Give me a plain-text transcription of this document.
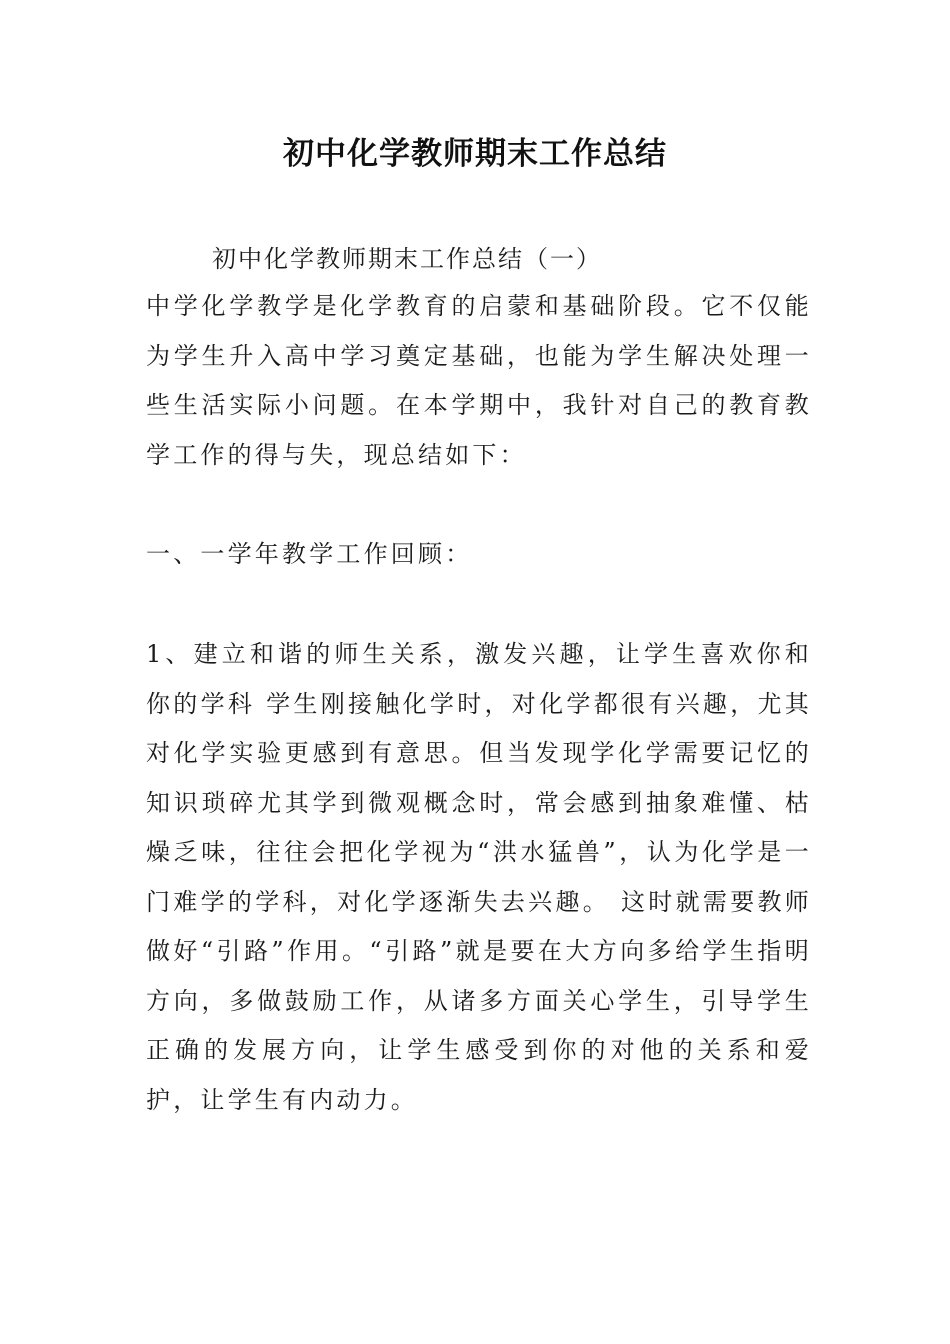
初中化学教师期末工作总结
初中化学教师期末工作总结（一）
中学化学教学是化学教育的启蒙和基础阶段。它不仅能为学生升入高中学习奠定基础，也能为学生解决处理一些生活实际小问题。在本学期中，我针对自己的教育教学工作的得与失，现总结如下：
一、一学年教学工作回顾：
1、建立和谐的师生关系，激发兴趣，让学生喜欢你和你的学科 学生刚接触化学时，对化学都很有兴趣，尤其对化学实验更感到有意思。但当发现学化学需要记忆的知识琐碎尤其学到微观概念时，常会感到抽象难懂、枯燥乏味，往往会把化学视为“洪水猛兽”，认为化学是一门难学的学科，对化学逐渐失去兴趣。 这时就需要教师做好“引路”作用。“引路”就是要在大方向多给学生指明方向，多做鼓励工作，从诸多方面关心学生，引导学生正确的发展方向，让学生感受到你的对他的关系和爱护，让学生有内动力。
